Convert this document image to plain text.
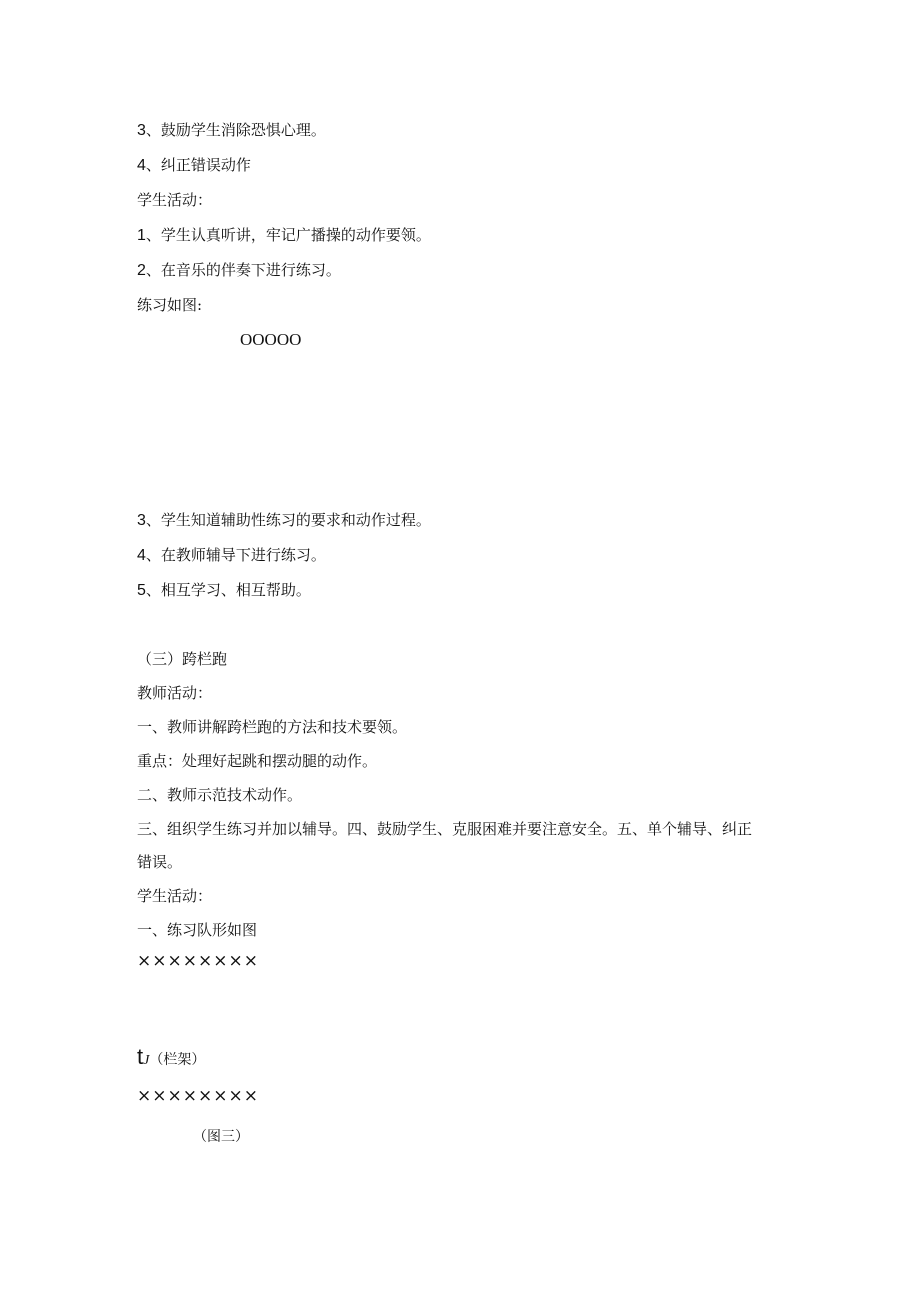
3、鼓励学生消除恐惧心理。
4、纠正错误动作
学生活动：
1、学生认真听讲，牢记广播操的动作要领。
2、在音乐的伴奏下进行练习。
练习如图:
OOOOO
3、学生知道辅助性练习的要求和动作过程。
4、在教师辅导下进行练习。
5、相互学习、相互帮助。
（三）跨栏跑
教师活动：
一、教师讲解跨栏跑的方法和技术要领。
重点：处理好起跳和摆动腿的动作。
二、教师示范技术动作。
三、组织学生练习并加以辅导。四、鼓励学生、克服困难并要注意安全。五、单个辅导、纠正
错误。
学生活动：
一、练习队形如图
××××××××
tJ（栏架）
××××××××
（图三）
